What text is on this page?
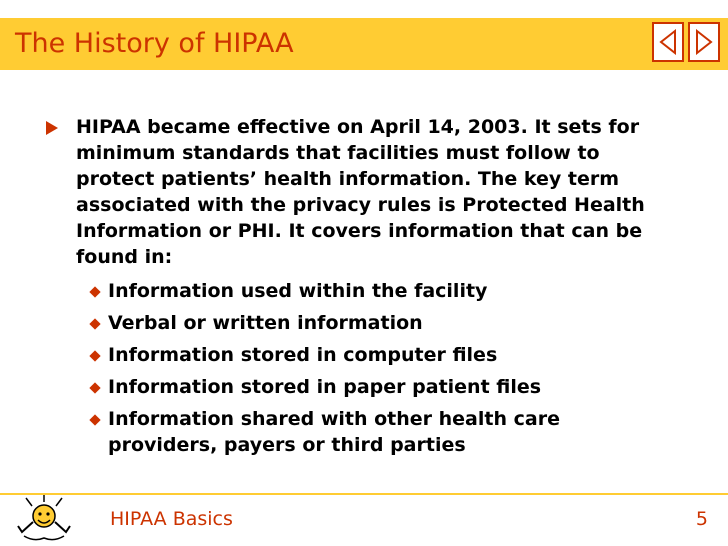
The History of HIPAA
HIPAA became effective on April 14, 2003. It sets for minimum standards that facilities must follow to protect patients’ health information. The key term associated with the privacy rules is Protected Health Information or PHI. It covers information that can be found in:
Information used within the facility
Verbal or written information
Information stored in computer files
Information stored in paper patient files
Information shared with other health care providers, payers or third parties
HIPAA Basics	5
